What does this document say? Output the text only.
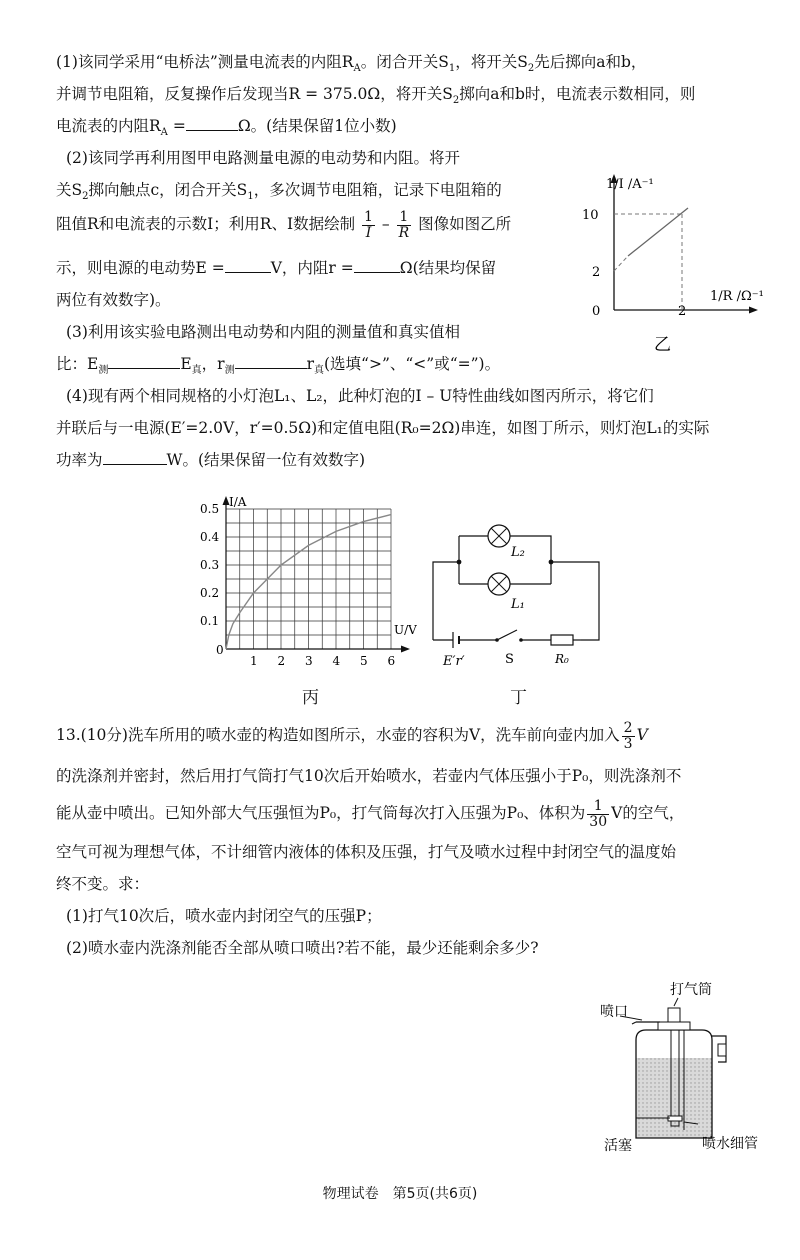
(1)该同学采用“电桥法”测量电流表的内阻$R_A$。闭合开关$S_1$，将开关$S_2$先后掷向a和b，
并调节电阻箱，反复操作后发现当R = 375.0Ω，将开关$S_2$掷向a和b时，电流表示数相同，则
电流表的内阻$R_A$ =	Ω。(结果保留1位小数)
(2)该同学再利用图甲电路测量电源的电动势和内阻。将开
关$S_2$掷向触点c，闭合开关$S_1$，多次调节电阻箱，记录下电阻箱的
阻值R和电流表的示数I；利用R、I数据绘制 $\frac{1}{I} - \frac{1}{R}$ 图像如图乙所
示，则电源的电动势E =	V，内阻r =	Ω(结果均保留
两位有效数字)。
1/I /A⁻¹
10
2
0	2
1/R /Ω⁻¹
乙
(3)利用该实验电路测出电动势和内阻的测量值和真实值相
比：$E_测$	$E_真$，$r_测$	$r_真$(选填“>”、“<”或“=”)。
(4)现有两个相同规格的小灯泡L₁、L₂，此种灯泡的I – U特性曲线如图丙所示，将它们
并联后与一电源(E′=2.0V，r′=0.5Ω)和定值电阻(R₀=2Ω)串连，如图丁所示，则灯泡L₁的实际
功率为	W。(结果保留一位有效数字)
1 2 3 4 5 6
0.1
0.2
0.3
0.4
0.5 I/A
U/V
0
丙
L₂
L₁
E′r′	S	R₀
丁
13.(10分)洗车所用的喷水壶的构造如图所示，水壶的容积为V，洗车前向壶内加入 $\frac{2}{3}$ V
的洗涤剂并密封，然后用打气筒打气10次后开始喷水，若壶内气体压强小于P₀，则洗涤剂不
能从壶中喷出。已知外部大气压强恒为P₀，打气筒每次打入压强为P₀、体积为 $\frac{1}{30}$ V的空气，
空气可视为理想气体，不计细管内液体的体积及压强，打气及喷水过程中封闭空气的温度始
终不变。求：
(1)打气10次后，喷水壶内封闭空气的压强P；
(2)喷水壶内洗涤剂能否全部从喷口喷出?若不能，最少还能剩余多少?
打气筒
喷口
活塞	喷水细管
物理试卷　第5页(共6页)
